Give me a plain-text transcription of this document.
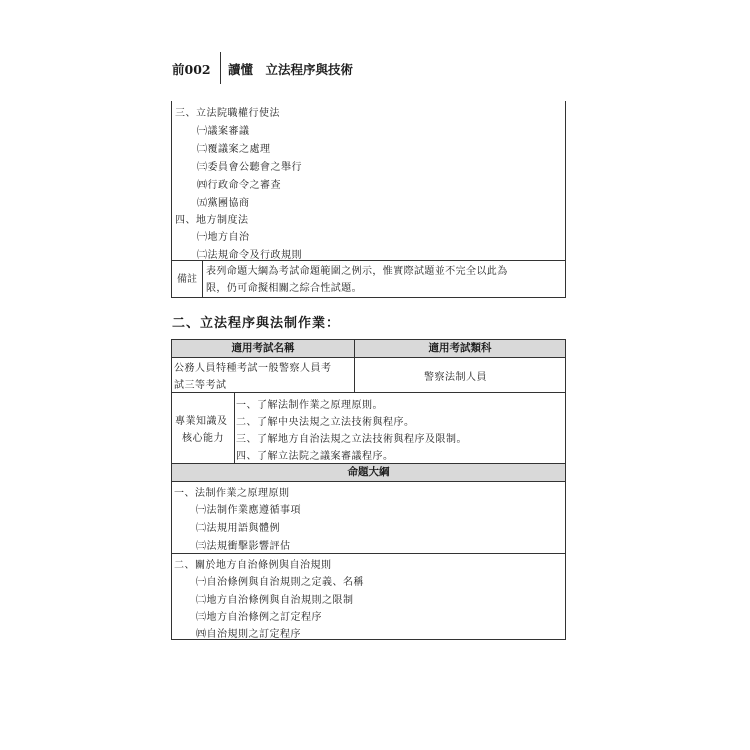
前002 讀懂　立法程序與技術
三、立法院職權行使法
㈠議案審議
㈡覆議案之處理
㈢委員會公聽會之舉行
㈣行政命令之審查
㈤黨團協商
四、地方制度法
㈠地方自治
㈡法規命令及行政規則
備註
表列命題大綱為考試命題範圍之例示，惟實際試題並不完全以此為
限，仍可命擬相關之綜合性試題。
二、立法程序與法制作業：
適用考試名稱	適用考試類科
公務人員特種考試一般警察人員考
試三等考試
警察法制人員
專業知識及
核心能力
一、了解法制作業之原理原則。
二、了解中央法規之立法技術與程序。
三、了解地方自治法規之立法技術與程序及限制。
四、了解立法院之議案審議程序。
命題大綱
一、法制作業之原理原則
㈠法制作業應遵循事項
㈡法規用語與體例
㈢法規衝擊影響評估
二、關於地方自治條例與自治規則
㈠自治條例與自治規則之定義、名稱
㈡地方自治條例與自治規則之限制
㈢地方自治條例之訂定程序
㈣自治規則之訂定程序
